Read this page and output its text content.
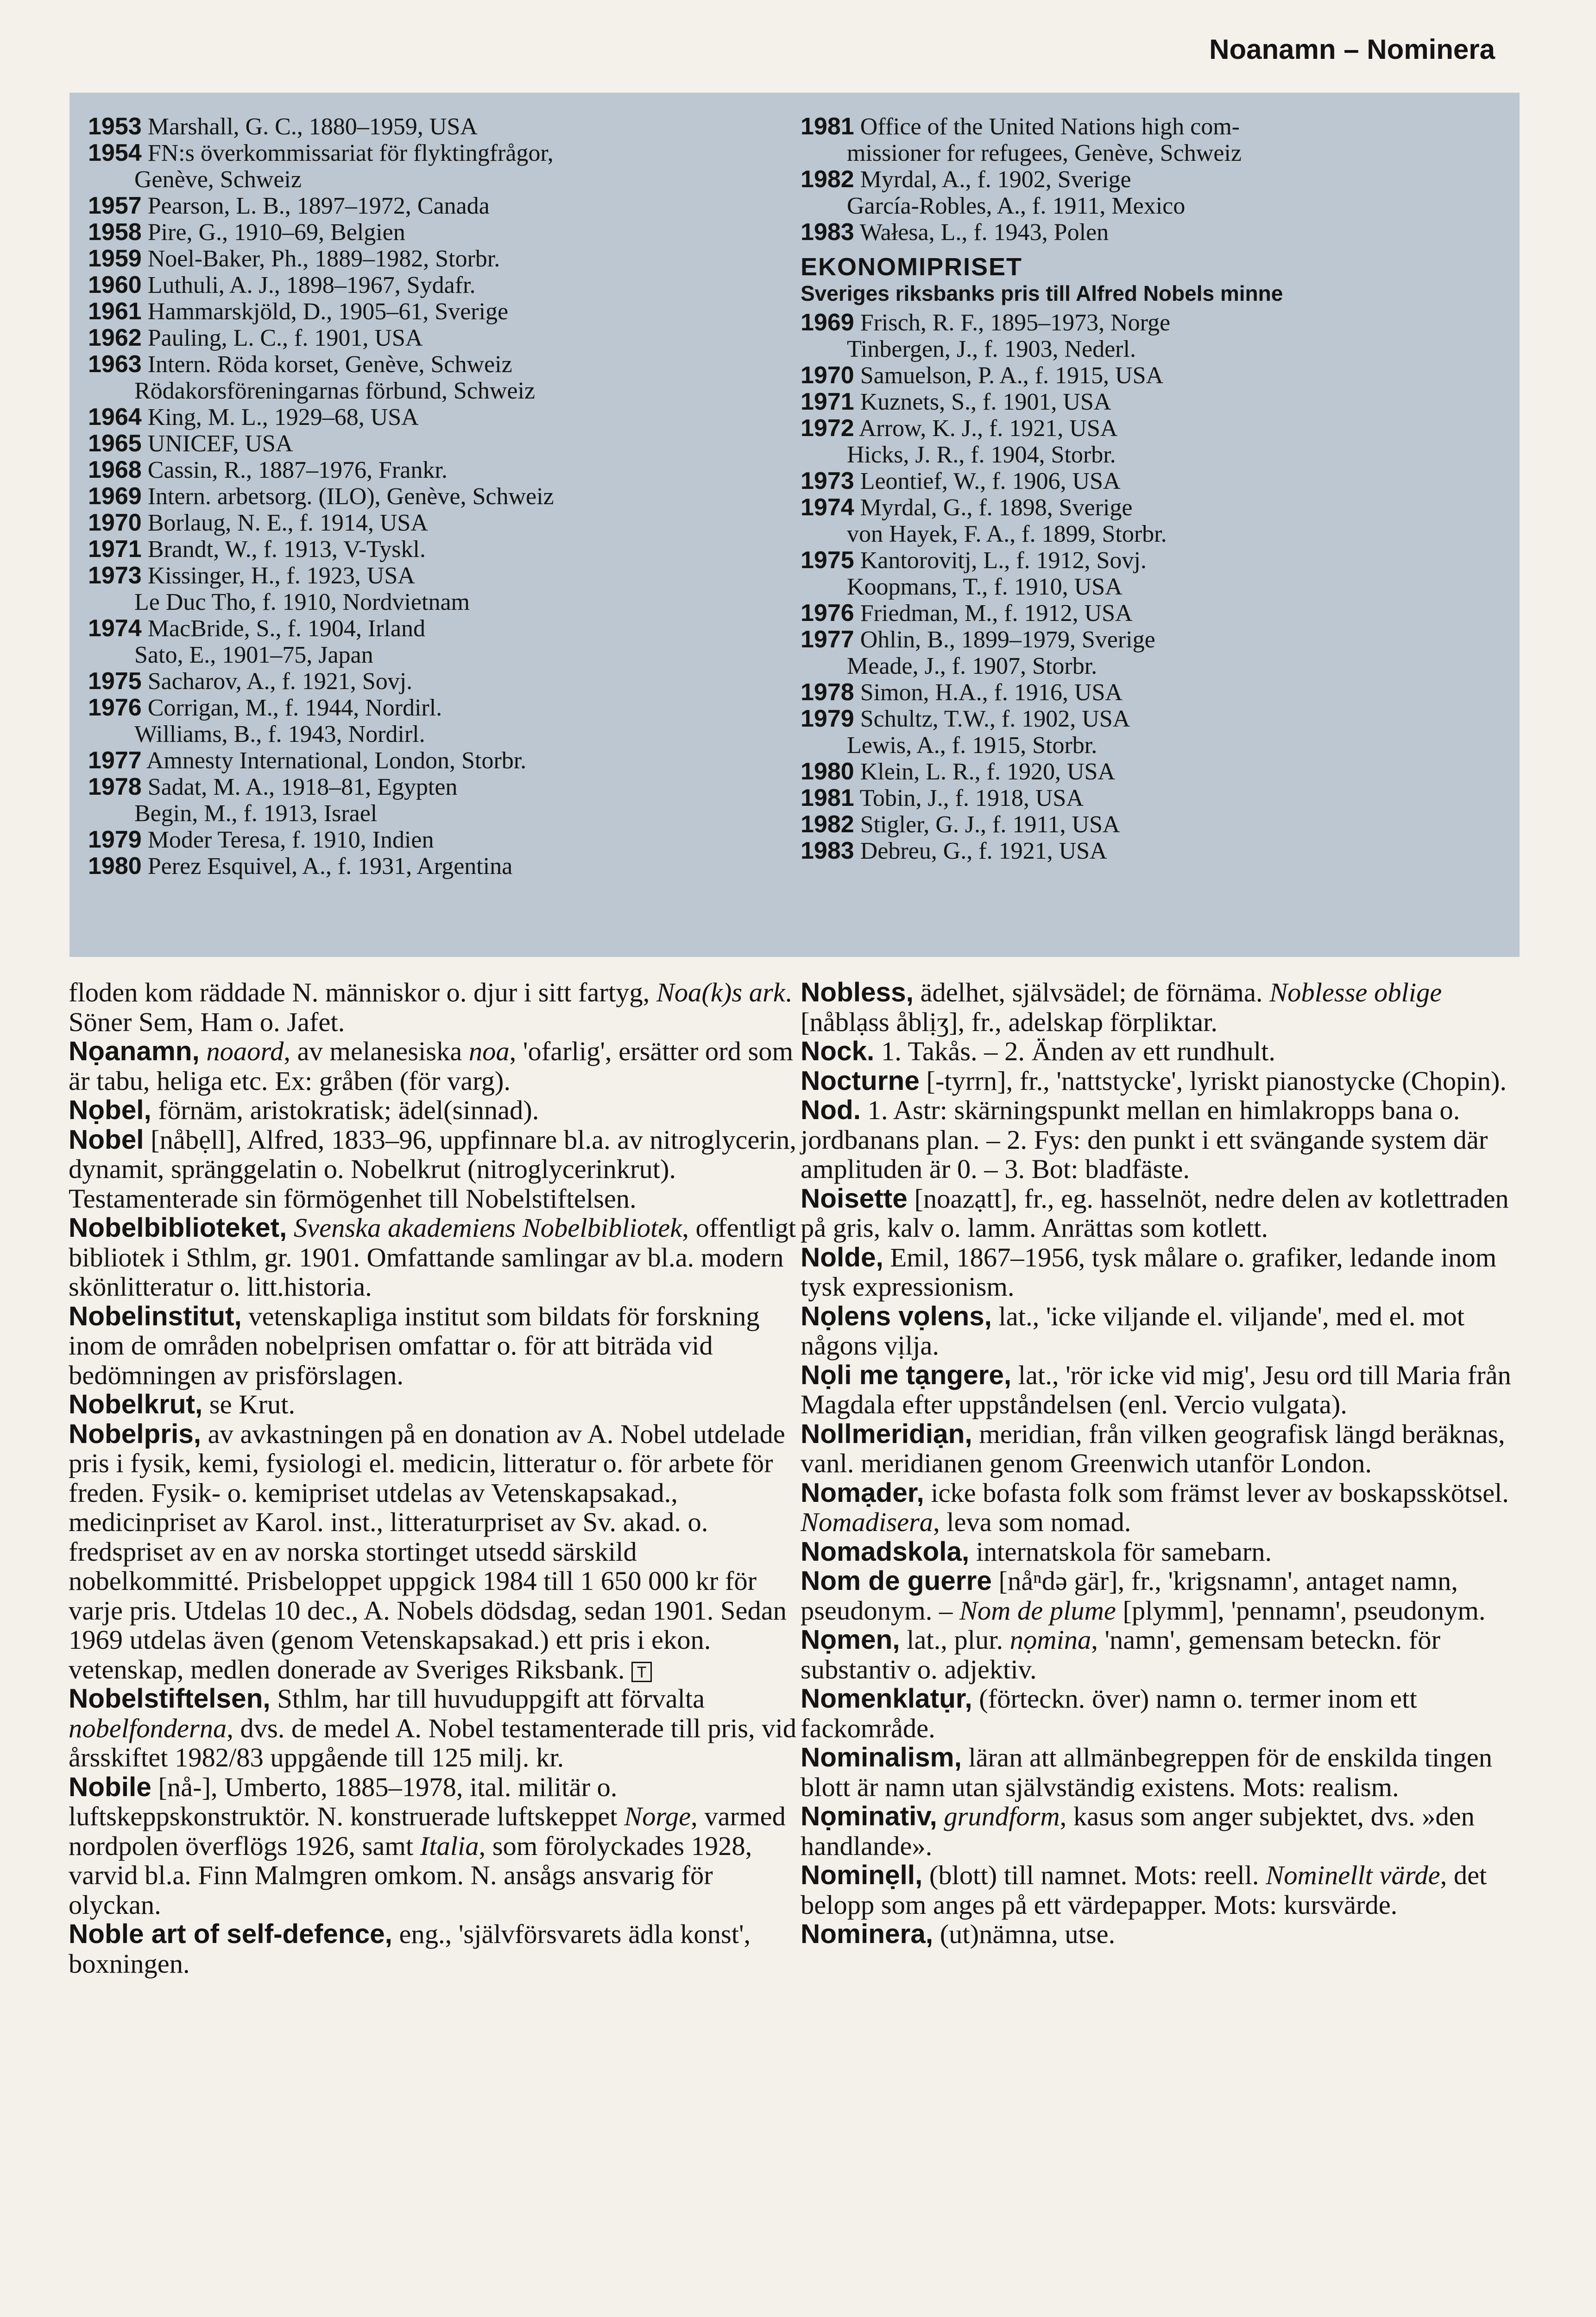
Noanamn – Nominera
1953 Marshall, G. C., 1880–1959, USA
1954 FN:s överkommissariat för flyktingfrågor,
Genève, Schweiz
1957 Pearson, L. B., 1897–1972, Canada
1958 Pire, G., 1910–69, Belgien
1959 Noel-Baker, Ph., 1889–1982, Storbr.
1960 Luthuli, A. J., 1898–1967, Sydafr.
1961 Hammarskjöld, D., 1905–61, Sverige
1962 Pauling, L. C., f. 1901, USA
1963 Intern. Röda korset, Genève, Schweiz
Rödakorsföreningarnas förbund, Schweiz
1964 King, M. L., 1929–68, USA
1965 UNICEF, USA
1968 Cassin, R., 1887–1976, Frankr.
1969 Intern. arbetsorg. (ILO), Genève, Schweiz
1970 Borlaug, N. E., f. 1914, USA
1971 Brandt, W., f. 1913, V-Tyskl.
1973 Kissinger, H., f. 1923, USA
Le Duc Tho, f. 1910, Nordvietnam
1974 MacBride, S., f. 1904, Irland
Sato, E., 1901–75, Japan
1975 Sacharov, A., f. 1921, Sovj.
1976 Corrigan, M., f. 1944, Nordirl.
Williams, B., f. 1943, Nordirl.
1977 Amnesty International, London, Storbr.
1978 Sadat, M. A., 1918–81, Egypten
Begin, M., f. 1913, Israel
1979 Moder Teresa, f. 1910, Indien
1980 Perez Esquivel, A., f. 1931, Argentina
1981 Office of the United Nations high com-
missioner for refugees, Genève, Schweiz
1982 Myrdal, A., f. 1902, Sverige
García-Robles, A., f. 1911, Mexico
1983 Wałesa, L., f. 1943, Polen
EKONOMIPRISET
Sveriges riksbanks pris till Alfred Nobels minne
1969 Frisch, R. F., 1895–1973, Norge
Tinbergen, J., f. 1903, Nederl.
1970 Samuelson, P. A., f. 1915, USA
1971 Kuznets, S., f. 1901, USA
1972 Arrow, K. J., f. 1921, USA
Hicks, J. R., f. 1904, Storbr.
1973 Leontief, W., f. 1906, USA
1974 Myrdal, G., f. 1898, Sverige
von Hayek, F. A., f. 1899, Storbr.
1975 Kantorovitj, L., f. 1912, Sovj.
Koopmans, T., f. 1910, USA
1976 Friedman, M., f. 1912, USA
1977 Ohlin, B., 1899–1979, Sverige
Meade, J., f. 1907, Storbr.
1978 Simon, H.A., f. 1916, USA
1979 Schultz, T.W., f. 1902, USA
Lewis, A., f. 1915, Storbr.
1980 Klein, L. R., f. 1920, USA
1981 Tobin, J., f. 1918, USA
1982 Stigler, G. J., f. 1911, USA
1983 Debreu, G., f. 1921, USA

floden kom räddade N. människor o. djur i sitt fartyg, Noa(k)s ark. Söner Sem, Ham o. Jafet.

Nọanamn, noaord, av melanesiska noa, 'ofarlig', ersätter ord som är tabu, heliga etc. Ex: gråben (för varg).

Nọbel, förnäm, aristokratisk; ädel(sinnad).

Nobel [nåbẹll], Alfred, 1833–96, uppfinnare bl.a. av nitroglycerin, dynamit, spränggelatin o. Nobelkrut (nitroglycerinkrut). Testamenterade sin förmögenhet till Nobelstiftelsen.

Nobelbiblioteket, Svenska akademiens Nobelbibliotek, offentligt bibliotek i Sthlm, gr. 1901. Omfattande samlingar av bl.a. modern skönlitteratur o. litt.historia.

Nobelinstitut, vetenskapliga institut som bildats för forskning inom de områden nobelprisen omfattar o. för att biträda vid bedömningen av prisförslagen.

Nobelkrut, se Krut.

Nobelpris, av avkastningen på en donation av A. Nobel utdelade pris i fysik, kemi, fysiologi el. medicin, litteratur o. för arbete för freden. Fysik- o. kemipriset utdelas av Vetenskapsakad., medicinpriset av Karol. inst., litteraturpriset av Sv. akad. o. fredspriset av en av norska stortinget utsedd särskild nobelkommitté. Prisbeloppet uppgick 1984 till 1 650 000 kr för varje pris. Utdelas 10 dec., A. Nobels dödsdag, sedan 1901. Sedan 1969 utdelas även (genom Vetenskapsakad.) ett pris i ekon. vetenskap, medlen donerade av Sveriges Riksbank. T

Nobelstiftelsen, Sthlm, har till huvuduppgift att förvalta nobelfonderna, dvs. de medel A. Nobel testamenterade till pris, vid årsskiftet 1982/83 uppgående till 125 milj. kr.

Nobile [nå-], Umberto, 1885–1978, ital. militär o. luftskeppskonstruktör. N. konstruerade luftskeppet Norge, varmed nordpolen överflögs 1926, samt Italia, som förolyckades 1928, varvid bl.a. Finn Malmgren omkom. N. ansågs ansvarig för olyckan.

Noble art of self-defence, eng., 'självförsvarets ädla konst', boxningen.

Nobless, ädelhet, självsädel; de förnäma. Noblesse oblige [nåblạss åblịʒ], fr., adelskap förpliktar.

Nock. 1. Takås. – 2. Änden av ett rundhult.

Nocturne [-tyrrn], fr., 'nattstycke', lyriskt pianostycke (Chopin).

Nod. 1. Astr: skärningspunkt mellan en himlakropps bana o. jordbanans plan. – 2. Fys: den punkt i ett svängande system där amplituden är 0. – 3. Bot: bladfäste.

Noisette [noazạtt], fr., eg. hasselnöt, nedre delen av kotlettraden på gris, kalv o. lamm. Anrättas som kotlett.

Nolde, Emil, 1867–1956, tysk målare o. grafiker, ledande inom tysk expressionism.

Nọlens vọlens, lat., 'icke viljande el. viljande', med el. mot någons vịlja.

Nọli me tạngere, lat., 'rör icke vid mig', Jesu ord till Maria från Magdala efter uppståndelsen (enl. Vercio vulgata).

Nollmeridiạn, meridian, från vilken geografisk längd beräknas, vanl. meridianen genom Greenwich utanför London.

Nomạder, icke bofasta folk som främst lever av boskapsskötsel. Nomadisera, leva som nomad.

Nomadskola, internatskola för samebarn.

Nom de guerre [nåⁿdə gär], fr., 'krigsnamn', antaget namn, pseudonym. – Nom de plume [plymm], 'pennamn', pseudonym.

Nọmen, lat., plur. nọmina, 'namn', gemensam beteckn. för substantiv o. adjektiv.

Nomenklatụr, (förteckn. över) namn o. termer inom ett fackområde.

Nominalism, läran att allmänbegreppen för de enskilda tingen blott är namn utan självständig existens. Mots: realism.

Nọminativ, grundform, kasus som anger subjektet, dvs. »den handlande».

Nominẹll, (blott) till namnet. Mots: reell. Nominellt värde, det belopp som anges på ett värdepapper. Mots: kursvärde.

Nominera, (ut)nämna, utse.
